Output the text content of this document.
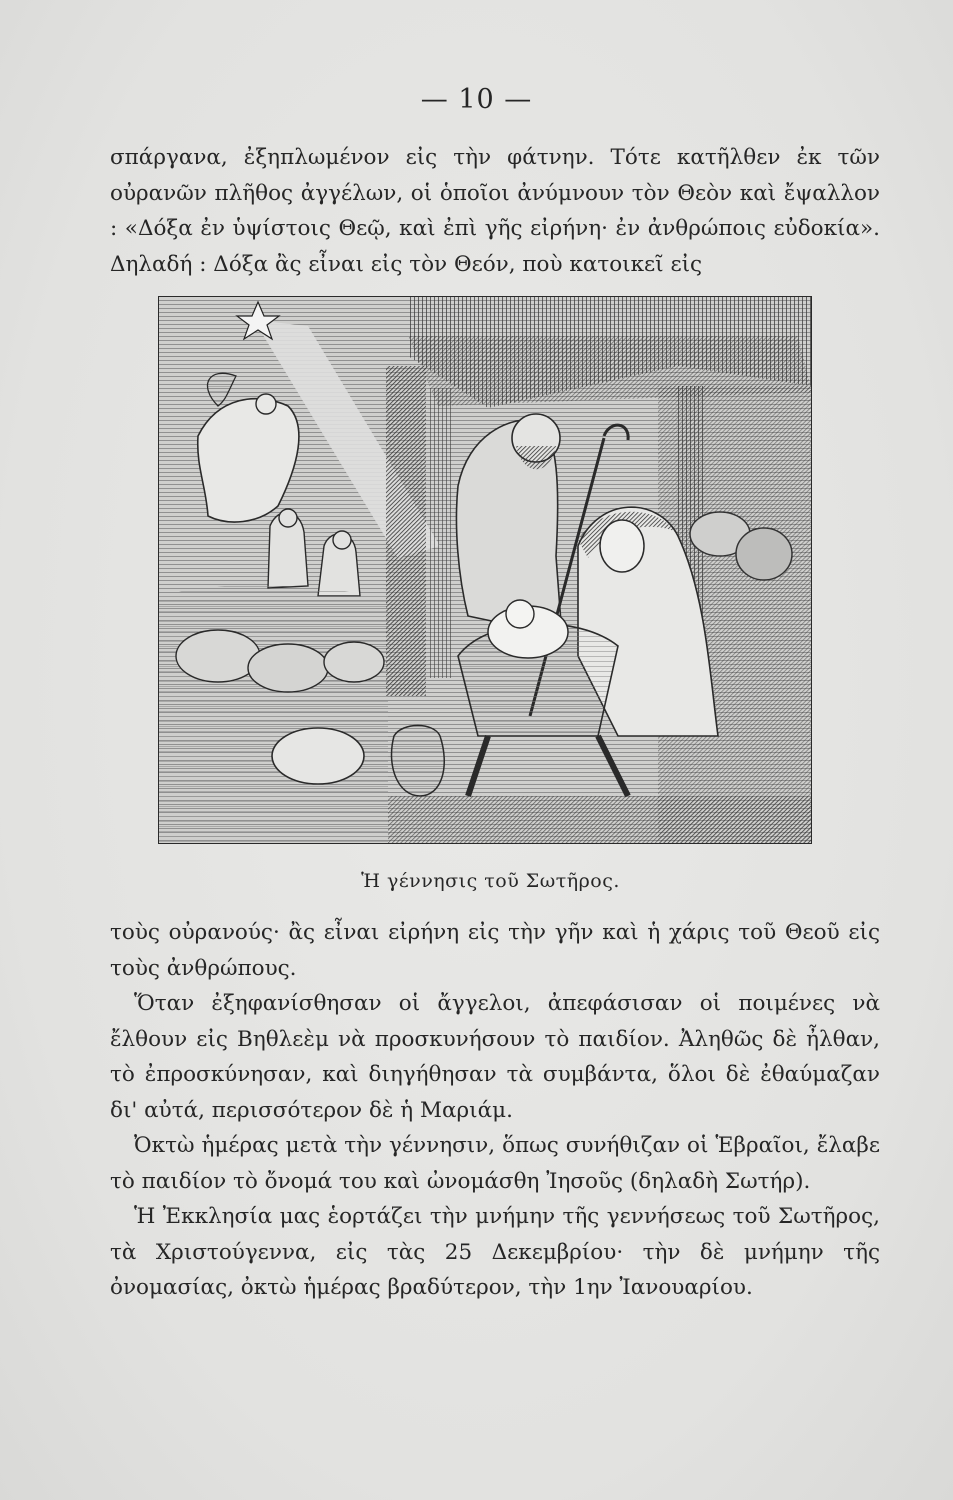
— 10 —

σπάργανα, ἐξηπλωμένον εἰς τὴν φάτνην. Τότε κατῆλθεν ἐκ τῶν οὐρανῶν πλῆθος ἀγγέλων, οἱ ὁποῖοι ἀνύμνουν τὸν Θεὸν καὶ ἔψαλλον : «Δόξα ἐν ὑψίστοις Θεῷ, καὶ ἐπὶ γῆς εἰρήνη· ἐν ἀνθρώποις εὐδοκία». Δηλαδή : Δόξα ἂς εἶναι εἰς τὸν Θεόν, ποὺ κατοικεῖ εἰς

Ἡ γέννησις τοῦ Σωτῆρος.

τοὺς οὐρανούς· ἂς εἶναι εἰρήνη εἰς τὴν γῆν καὶ ἡ χάρις τοῦ Θεοῦ εἰς τοὺς ἀνθρώπους.

Ὅταν ἐξηφανίσθησαν οἱ ἄγγελοι, ἀπεφάσισαν οἱ ποιμένες νὰ ἔλθουν εἰς Βηθλεὲμ νὰ προσκυνήσουν τὸ παιδίον. Ἀληθῶς δὲ ἦλθαν, τὸ ἐπροσκύνησαν, καὶ διηγήθησαν τὰ συμβάντα, ὅλοι δὲ ἐθαύμαζαν δι' αὐτά, περισσότερον δὲ ἡ Μαριάμ.

Ὀκτὼ ἡμέρας μετὰ τὴν γέννησιν, ὅπως συνήθιζαν οἱ Ἑβραῖοι, ἔλαβε τὸ παιδίον τὸ ὄνομά του καὶ ὠνομάσθη Ἰησοῦς (δηλαδὴ Σωτήρ).

Ἡ Ἐκκλησία μας ἑορτάζει τὴν μνήμην τῆς γεννήσεως τοῦ Σωτῆρος, τὰ Χριστούγεννα, εἰς τὰς 25 Δεκεμβρίου· τὴν δὲ μνήμην τῆς ὀνομασίας, ὀκτὼ ἡμέρας βραδύτερον, τὴν 1ην Ἰανουαρίου.
